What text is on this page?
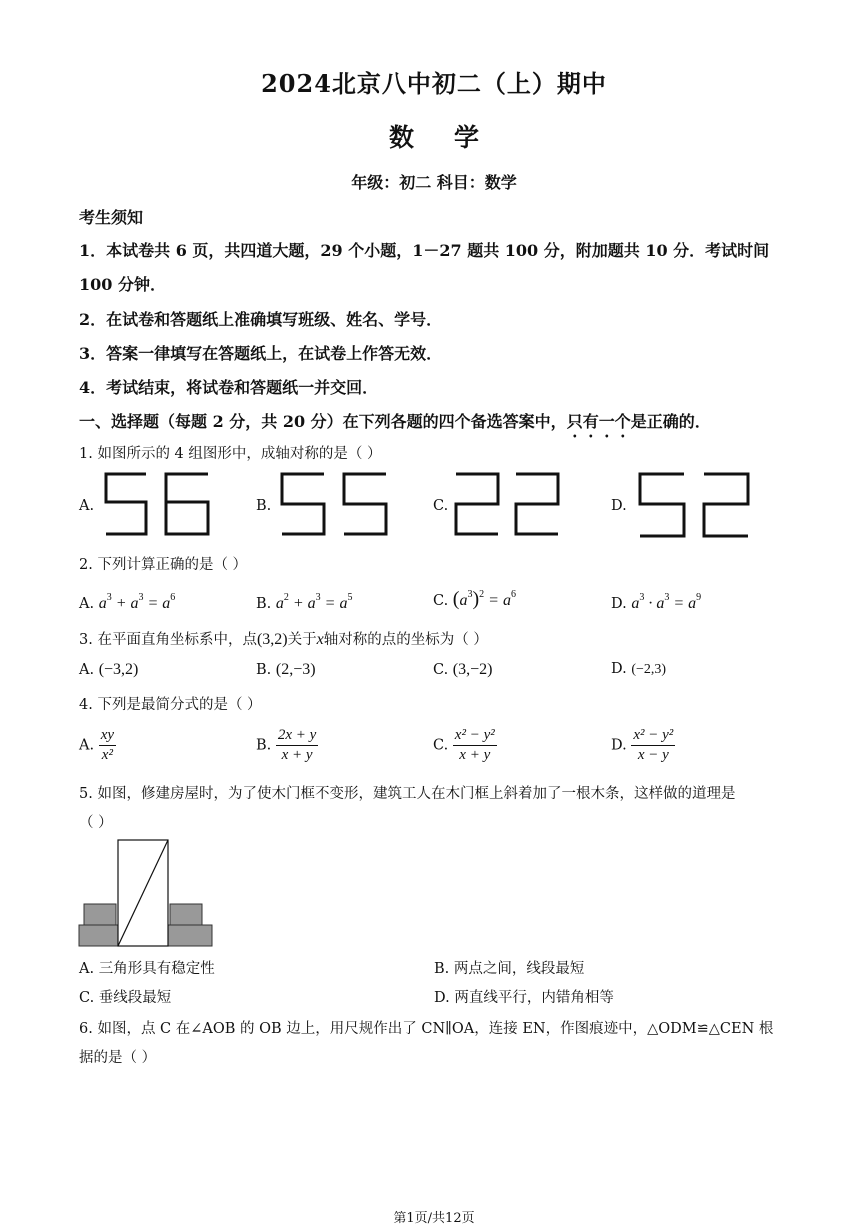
2024北京八中初二（上）期中
数学
年级：初二 科目：数学
考生须知
1．本试卷共 6 页，共四道大题，29 个小题，1－27 题共 100 分，附加题共 10 分．考试时间
100 分钟．
2．在试卷和答题纸上准确填写班级、姓名、学号．
3．答案一律填写在答题纸上，在试卷上作答无效．
4．考试结束，将试卷和答题纸一并交回．
一、选择题（每题 2 分，共 20 分）在下列各题的四个备选答案中，只有一个是正确的．
1. 如图所示的 4 组图形中，成轴对称的是（ ）
A.	B.	C.	D.
2. 下列计算正确的是（ ）
A. $a^3 + a^3 = a^6$	B. $a^2 + a^3 = a^5$	C. $(a^3)^2 = a^6$
D. $a^3 \cdot a^3 = a^9$
3. 在平面直角坐标系中，点(3,2)关于x轴对称的点的坐标为（ ）
A. (−3,2)	B. (2,−3)	C. (3,−2)	D. (−2,3)
4. 下列是最简分式的是（ ）
A. $\frac{xy}{\text{x²}}$	B. $\frac{2x + y}{x + y}$	C. $\frac{\text{x² − y²}}{x + y}$	D. $\frac{\text{x² − y²}}{x - y}$
5. 如图，修建房屋时，为了使木门框不变形，建筑工人在木门框上斜着加了一根木条，这样做的道理是
（ ）
A. 三角形具有稳定性	B. 两点之间，线段最短
C. 垂线段最短	D. 两直线平行，内错角相等
6. 如图，点 C 在∠AOB 的 OB 边上，用尺规作出了 CN∥OA，连接 EN，作图痕迹中，△ODM≌△CEN 根
据的是（ ）
第1页/共12页
